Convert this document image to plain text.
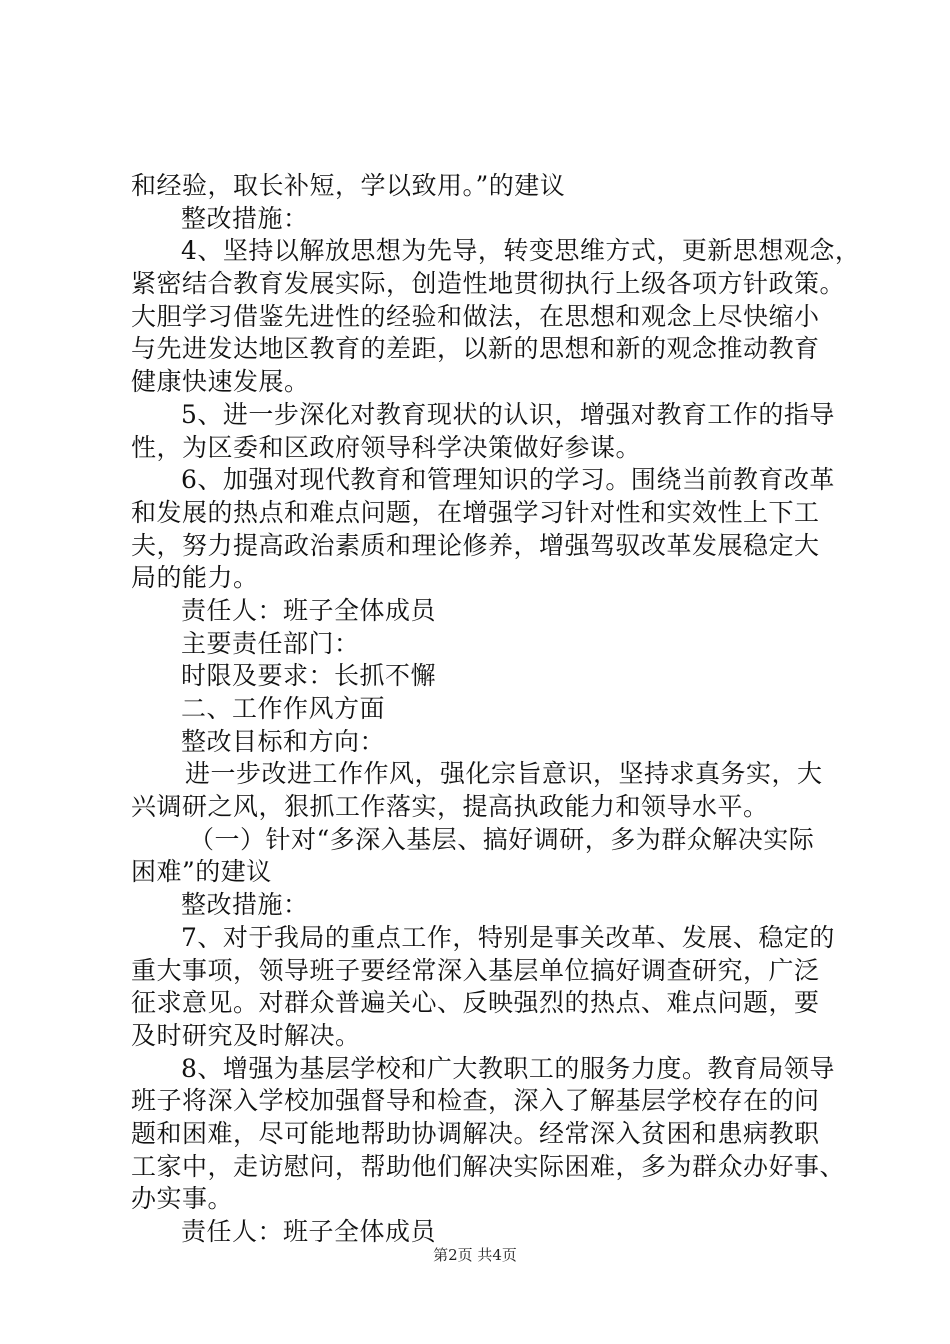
和经验，取长补短，学以致用。”的建议
整改措施：
4、坚持以解放思想为先导，转变思维方式，更新思想观念，
紧密结合教育发展实际，创造性地贯彻执行上级各项方针政策。
大胆学习借鉴先进性的经验和做法，在思想和观念上尽快缩小
与先进发达地区教育的差距，以新的思想和新的观念推动教育
健康快速发展。
5、进一步深化对教育现状的认识，增强对教育工作的指导
性，为区委和区政府领导科学决策做好参谋。
6、加强对现代教育和管理知识的学习。围绕当前教育改革
和发展的热点和难点问题，在增强学习针对性和实效性上下工
夫，努力提高政治素质和理论修养，增强驾驭改革发展稳定大
局的能力。
责任人：班子全体成员
主要责任部门：
时限及要求：长抓不懈
二、工作作风方面
整改目标和方向：
进一步改进工作作风，强化宗旨意识，坚持求真务实，大
兴调研之风，狠抓工作落实，提高执政能力和领导水平。
（一）针对“多深入基层、搞好调研，多为群众解决实际
困难”的建议
整改措施：
7、对于我局的重点工作，特别是事关改革、发展、稳定的
重大事项，领导班子要经常深入基层单位搞好调查研究，广泛
征求意见。对群众普遍关心、反映强烈的热点、难点问题，要
及时研究及时解决。
8、增强为基层学校和广大教职工的服务力度。教育局领导
班子将深入学校加强督导和检查，深入了解基层学校存在的问
题和困难，尽可能地帮助协调解决。经常深入贫困和患病教职
工家中，走访慰问，帮助他们解决实际困难，多为群众办好事、
办实事。
责任人：班子全体成员
第2页 共4页
